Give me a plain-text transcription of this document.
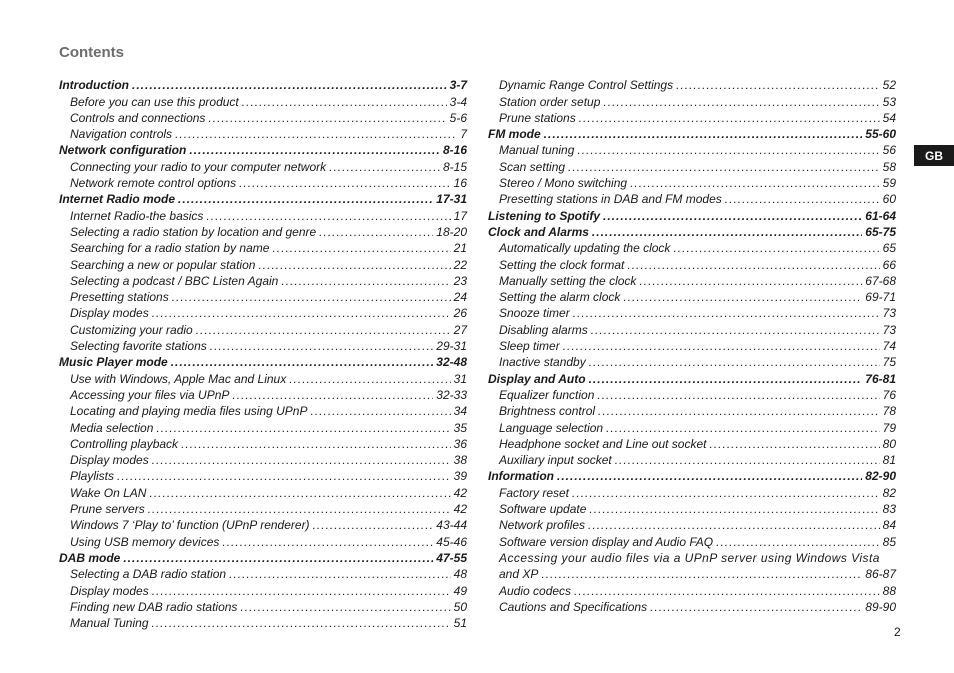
Contents
Introduction .....	3-7
Before you can use this product .....	3-4
Controls and connections .....	5-6
Navigation controls .....	7
Network configuration .....	8-16
Connecting your radio to your computer network .....	8-15
Network remote control options .....	16
Internet Radio mode .....	17-31
Internet Radio-the basics .....	17
Selecting a radio station by location and genre .....	18-20
Searching for a radio station by name .....	21
Searching a new or popular station .....	22
Selecting a podcast / BBC Listen Again .....	23
Presetting stations .....	24
Display modes .....	26
Customizing your radio .....	27
Selecting favorite stations .....	29-31
Music Player mode .....	32-48
Use with Windows, Apple Mac and Linux .....	31
Accessing your files via UPnP .....	32-33
Locating and playing media files using UPnP .....	34
Media selection .....	35
Controlling playback .....	36
Display modes .....	38
Playlists .....	39
Wake On LAN .....	42
Prune servers .....	42
Windows 7 ‘Play to’ function (UPnP renderer) .....	43-44
Using USB memory devices .....	45-46
DAB mode .....	47-55
Selecting a DAB radio station .....	48
Display modes .....	49
Finding new DAB radio stations .....	50
Manual Tuning .....	51
Dynamic Range Control Settings .....	52
Station order setup .....	53
Prune stations .....	54
FM mode .....	55-60
Manual tuning .....	56
Scan setting .....	58
Stereo / Mono switching .....	59
Presetting stations in DAB and FM modes .....	60
Listening to Spotify .....	61-64
Clock and Alarms .....	65-75
Automatically updating the clock .....	65
Setting the clock format .....	66
Manually setting the clock .....	67-68
Setting the alarm clock .....	69-71
Snooze timer .....	73
Disabling alarms .....	73
Sleep timer .....	74
Inactive standby .....	75
Display and Auto .....	76-81
Equalizer function .....	76
Brightness control .....	78
Language selection .....	79
Headphone socket and Line out socket .....	80
Auxiliary input socket .....	81
Information .....	82-90
Factory reset .....	82
Software update .....	83
Network profiles .....	84
Software version display and Audio FAQ .....	85
Accessing your audio files via a UPnP server using Windows Vista
and XP .....	86-87
Audio codecs .....	88
Cautions and Specifications .....	89-90
GB
2
